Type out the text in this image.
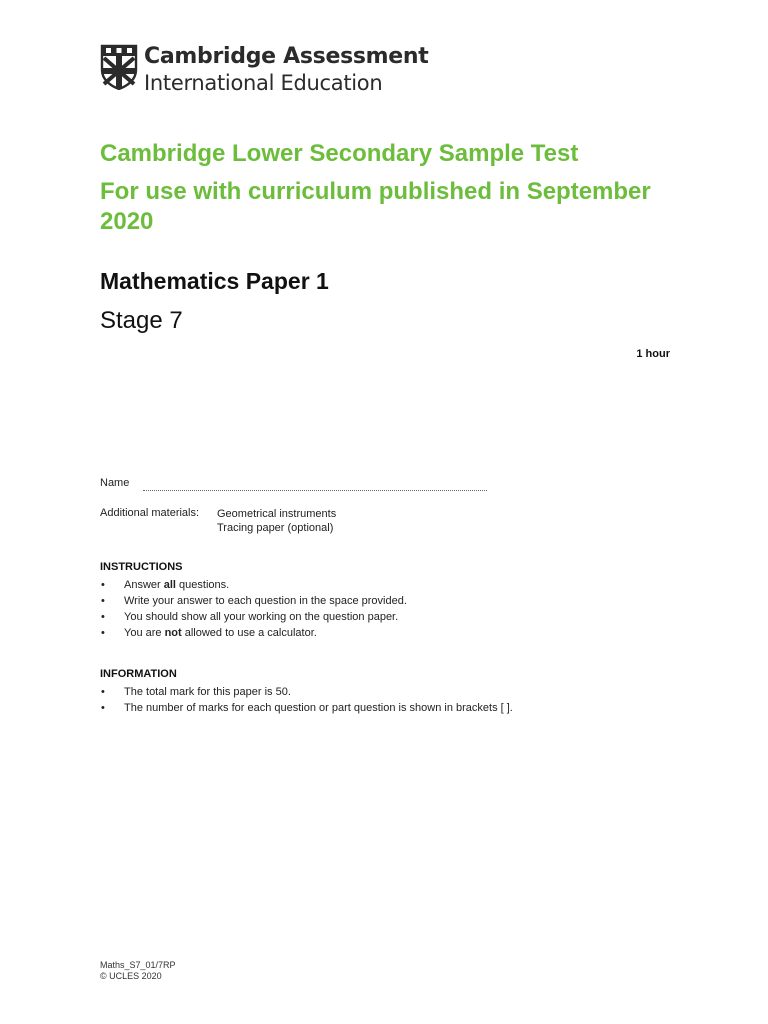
Cambridge Assessment
International Education
Cambridge Lower Secondary Sample Test
For use with curriculum published in September 2020
Mathematics Paper 1
Stage 7
1 hour
Name
Additional materials: Geometrical instruments
Tracing paper (optional)
INSTRUCTIONS
• Answer all questions.
• Write your answer to each question in the space provided.
• You should show all your working on the question paper.
• You are not allowed to use a calculator.
INFORMATION
• The total mark for this paper is 50.
• The number of marks for each question or part question is shown in brackets [ ].
Maths_S7_01/7RP
© UCLES 2020
